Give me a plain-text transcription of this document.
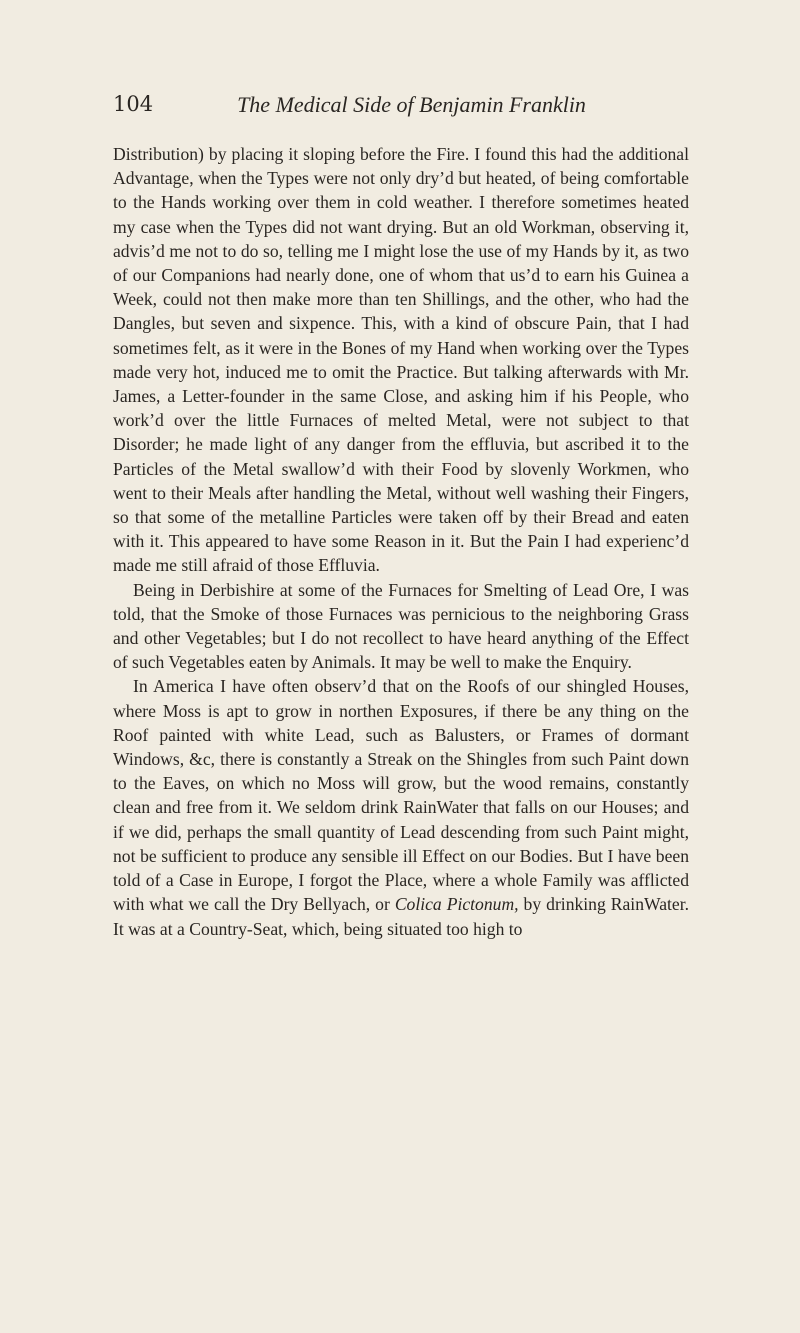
104	The Medical Side of Benjamin Franklin

Distribution) by placing it sloping before the Fire. I found this had the additional Advantage, when the Types were not only dry’d but heated, of being comfortable to the Hands working over them in cold weather. I therefore sometimes heated my case when the Types did not want drying. But an old Workman, observing it, advis’d me not to do so, telling me I might lose the use of my Hands by it, as two of our Companions had nearly done, one of whom that us’d to earn his Guinea a Week, could not then make more than ten Shillings, and the other, who had the Dangles, but seven and sixpence. This, with a kind of obscure Pain, that I had sometimes felt, as it were in the Bones of my Hand when working over the Types made very hot, induced me to omit the Practice. But talking afterwards with Mr. James, a Letter-founder in the same Close, and asking him if his People, who work’d over the little Furnaces of melted Metal, were not subject to that Disorder; he made light of any danger from the effluvia, but ascribed it to the Particles of the Metal swallow’d with their Food by slovenly Workmen, who went to their Meals after handling the Metal, without well washing their Fingers, so that some of the metalline Particles were taken off by their Bread and eaten with it. This appeared to have some Reason in it. But the Pain I had experienc’d made me still afraid of those Effluvia.

Being in Derbishire at some of the Furnaces for Smelting of Lead Ore, I was told, that the Smoke of those Furnaces was pernicious to the neighboring Grass and other Vegetables; but I do not recollect to have heard anything of the Effect of such Vegetables eaten by Animals. It may be well to make the Enquiry.

In America I have often observ’d that on the Roofs of our shingled Houses, where Moss is apt to grow in northen Exposures, if there be any thing on the Roof painted with white Lead, such as Balusters, or Frames of dormant Windows, &c, there is constantly a Streak on the Shingles from such Paint down to the Eaves, on which no Moss will grow, but the wood remains, constantly clean and free from it. We seldom drink RainWater that falls on our Houses; and if we did, perhaps the small quantity of Lead descending from such Paint might, not be sufficient to produce any sensible ill Effect on our Bodies. But I have been told of a Case in Europe, I forgot the Place, where a whole Family was afflicted with what we call the Dry Bellyach, or Colica Pictonum, by drinking RainWater. It was at a Country-Seat, which, being situated too high to
